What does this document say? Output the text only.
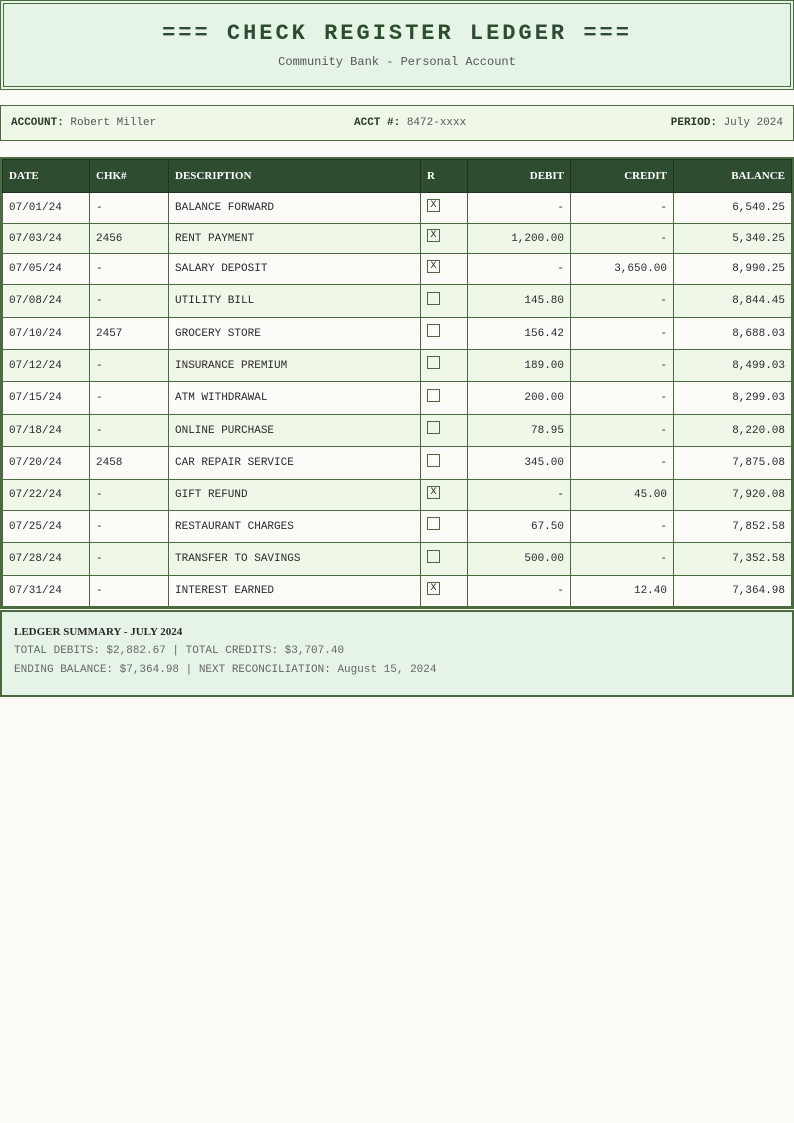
=== CHECK REGISTER LEDGER ===
Community Bank - Personal Account
ACCOUNT: Robert Miller	ACCT #: 8472-xxxx	PERIOD: July 2024
DATE	CHK#	DESCRIPTION	R	DEBIT	CREDIT	BALANCE
07/01/24	-	BALANCE FORWARD	X	-	-	6,540.25
07/03/24	2456	RENT PAYMENT	X	1,200.00	-	5,340.25
07/05/24	-	SALARY DEPOSIT	X	-	3,650.00	8,990.25
07/08/24	-	UTILITY BILL		145.80	-	8,844.45
07/10/24	2457	GROCERY STORE		156.42	-	8,688.03
07/12/24	-	INSURANCE PREMIUM		189.00	-	8,499.03
07/15/24	-	ATM WITHDRAWAL		200.00	-	8,299.03
07/18/24	-	ONLINE PURCHASE		78.95	-	8,220.08
07/20/24	2458	CAR REPAIR SERVICE		345.00	-	7,875.08
07/22/24	-	GIFT REFUND	X	-	45.00	7,920.08
07/25/24	-	RESTAURANT CHARGES		67.50	-	7,852.58
07/28/24	-	TRANSFER TO SAVINGS		500.00	-	7,352.58
07/31/24	-	INTEREST EARNED	X	-	12.40	7,364.98
LEDGER SUMMARY - JULY 2024
TOTAL DEBITS: $2,882.67 | TOTAL CREDITS: $3,707.40
ENDING BALANCE: $7,364.98 | NEXT RECONCILIATION: August 15, 2024
